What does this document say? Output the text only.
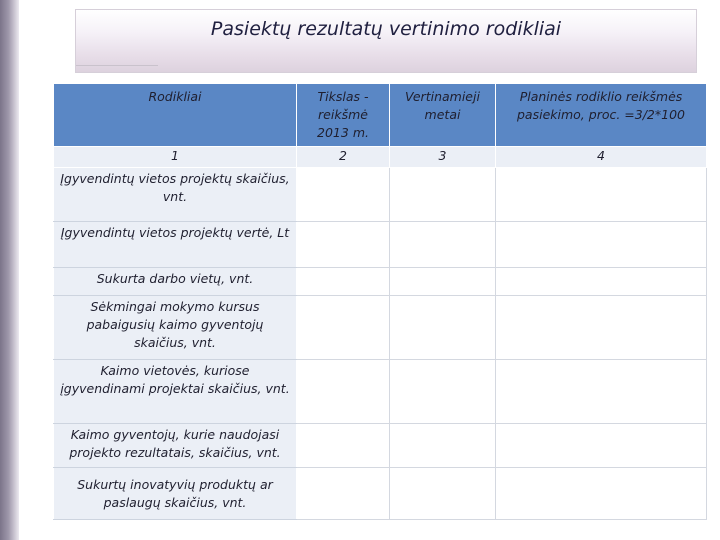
Pasiektų rezultatų vertinimo rodikliai
Rodikliai	Tikslas - reikšmė 2013 m.	Vertinamieji metai	Planinės rodiklio reikšmės pasiekimo, proc. =3/2*100
1	2	3	4
Įgyvendintų vietos projektų skaičius, vnt.			
Įgyvendintų vietos projektų vertė, Lt			
Sukurta darbo vietų, vnt.			
Sėkmingai mokymo kursus pabaigusių kaimo gyventojų skaičius, vnt.			
Kaimo vietovės, kuriose įgyvendinami projektai skaičius, vnt.			
Kaimo gyventojų, kurie naudojasi projekto rezultatais, skaičius, vnt.			
Sukurtų inovatyvių produktų ar paslaugų skaičius, vnt.			
